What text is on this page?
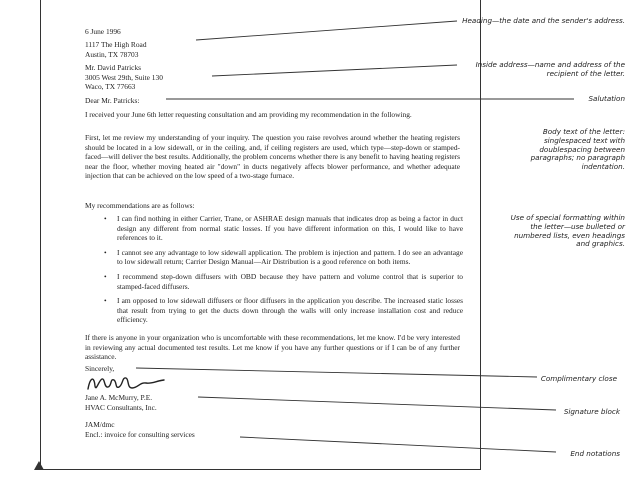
6 June 1996

1117 The High Road

Austin, TX 78703

Mr. David Patricks

3005 West 29th, Suite 130

Waco, TX 77663

Dear Mr. Patricks:

I received your June 6th letter requesting consultation and am providing my recommendation in the following.

First, let me review my understanding of your inquiry. The question you raise revolves around whether the heating registers should be located in a low sidewall, or in the ceiling, and, if ceiling registers are used, which type—step-down or stamped-faced—will deliver the best results. Additionally, the problem concerns whether there is any benefit to having heating registers near the floor, whether moving heated air "down" in ducts negatively affects blower performance, and whether adequate injection that can be achieved on the low speed of a two-stage furnace.

My recommendations are as follows:

• I can find nothing in either Carrier, Trane, or ASHRAE design manuals that indicates drop as being a factor in duct design any different from normal static losses. If you have different information on this, I would like to have references to it.
• I cannot see any advantage to low sidewall application. The problem is injection and pattern. I do see an advantage to low sidewall return; Carrier Design Manual—Air Distribution is a good reference on both items.
• I recommend step-down diffusers with OBD because they have pattern and volume control that is superior to stamped-faced diffusers.
• I am opposed to low sidewall diffusers or floor diffusers in the application you describe. The increased static losses that result from trying to get the ducts down through the walls will only increase installation cost and reduce efficiency.

If there is anyone in your organization who is uncomfortable with these recommendations, let me know. I'd be very interested in reviewing any actual documented test results. Let me know if you have any further questions or if I can be of any further assistance.

Sincerely,

Jane A. McMurry, P.E.

HVAC Consultants, Inc.

JAM/dmc

Encl.: invoice for consulting services

Heading—the date and the sender's address.

Inside address—name and address of the recipient of the letter.

Salutation

Body text of the letter: singlespaced text with doublespacing between paragraphs; no paragraph indentation.

Use of special formatting within the letter—use bulleted or numbered lists, even headings and graphics.

Complimentary close

Signature block

End notations
